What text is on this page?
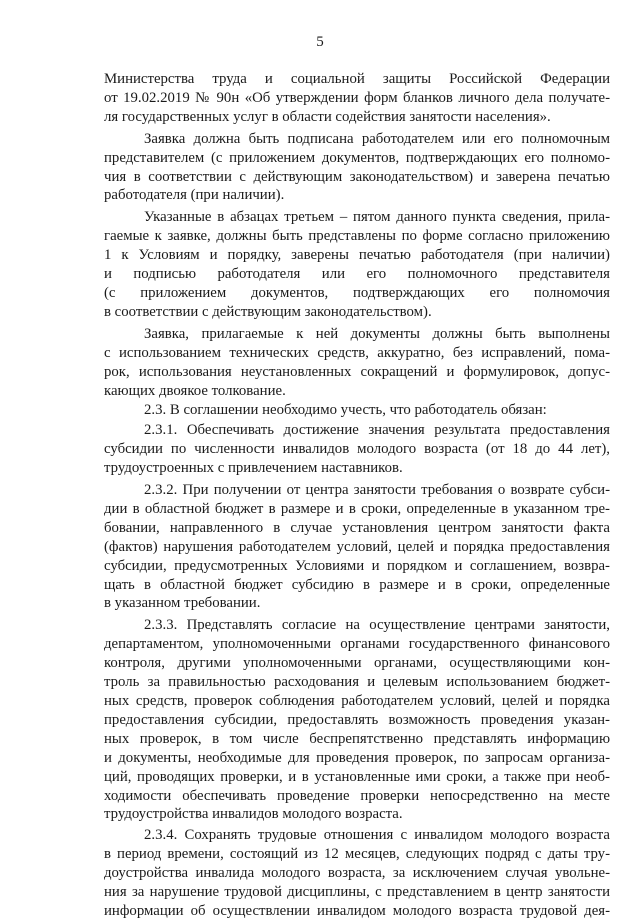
5

Министерства труда и социальной защиты Российской Федерации
от 19.02.2019 № 90н «Об утверждении форм бланков личного дела получате-
ля государственных услуг в области содействия занятости населения».

Заявка должна быть подписана работодателем или его полномочным
представителем (с приложением документов, подтверждающих его полномо-
чия в соответствии с действующим законодательством) и заверена печатью
работодателя (при наличии).

Указанные в абзацах третьем – пятом данного пункта сведения, прила-
гаемые к заявке, должны быть представлены по форме согласно приложению
1 к Условиям и порядку, заверены печатью работодателя (при наличии)
и подписью работодателя или его полномочного представителя
(с приложением документов, подтверждающих его полномочия
в соответствии с действующим законодательством).

Заявка, прилагаемые к ней документы должны быть выполнены
с использованием технических средств, аккуратно, без исправлений, пома-
рок, использования неустановленных сокращений и формулировок, допус-
кающих двоякое толкование.

2.3. В соглашении необходимо учесть, что работодатель обязан:

2.3.1. Обеспечивать достижение значения результата предоставления
субсидии по численности инвалидов молодого возраста (от 18 до 44 лет),
трудоустроенных с привлечением наставников.

2.3.2. При получении от центра занятости требования о возврате субси-
дии в областной бюджет в размере и в сроки, определенные в указанном тре-
бовании, направленного в случае установления центром занятости факта
(фактов) нарушения работодателем условий, целей и порядка предоставления
субсидии, предусмотренных Условиями и порядком и соглашением, возвра-
щать в областной бюджет субсидию в размере и в сроки, определенные
в указанном требовании.

2.3.3. Представлять согласие на осуществление центрами занятости,
департаментом, уполномоченными органами государственного финансового
контроля, другими уполномоченными органами, осуществляющими кон-
троль за правильностью расходования и целевым использованием бюджет-
ных средств, проверок соблюдения работодателем условий, целей и порядка
предоставления субсидии, предоставлять возможность проведения указан-
ных проверок, в том числе беспрепятственно представлять информацию
и документы, необходимые для проведения проверок, по запросам организа-
ций, проводящих проверки, и в установленные ими сроки, а также при необ-
ходимости обеспечивать проведение проверки непосредственно на месте
трудоустройства инвалидов молодого возраста.

2.3.4. Сохранять трудовые отношения с инвалидом молодого возраста
в период времени, состоящий из 12 месяцев, следующих подряд с даты тру-
доустройства инвалида молодого возраста, за исключением случая увольне-
ния за нарушение трудовой дисциплины, с представлением в центр занятости
информации об осуществлении инвалидом молодого возраста трудовой дея-
